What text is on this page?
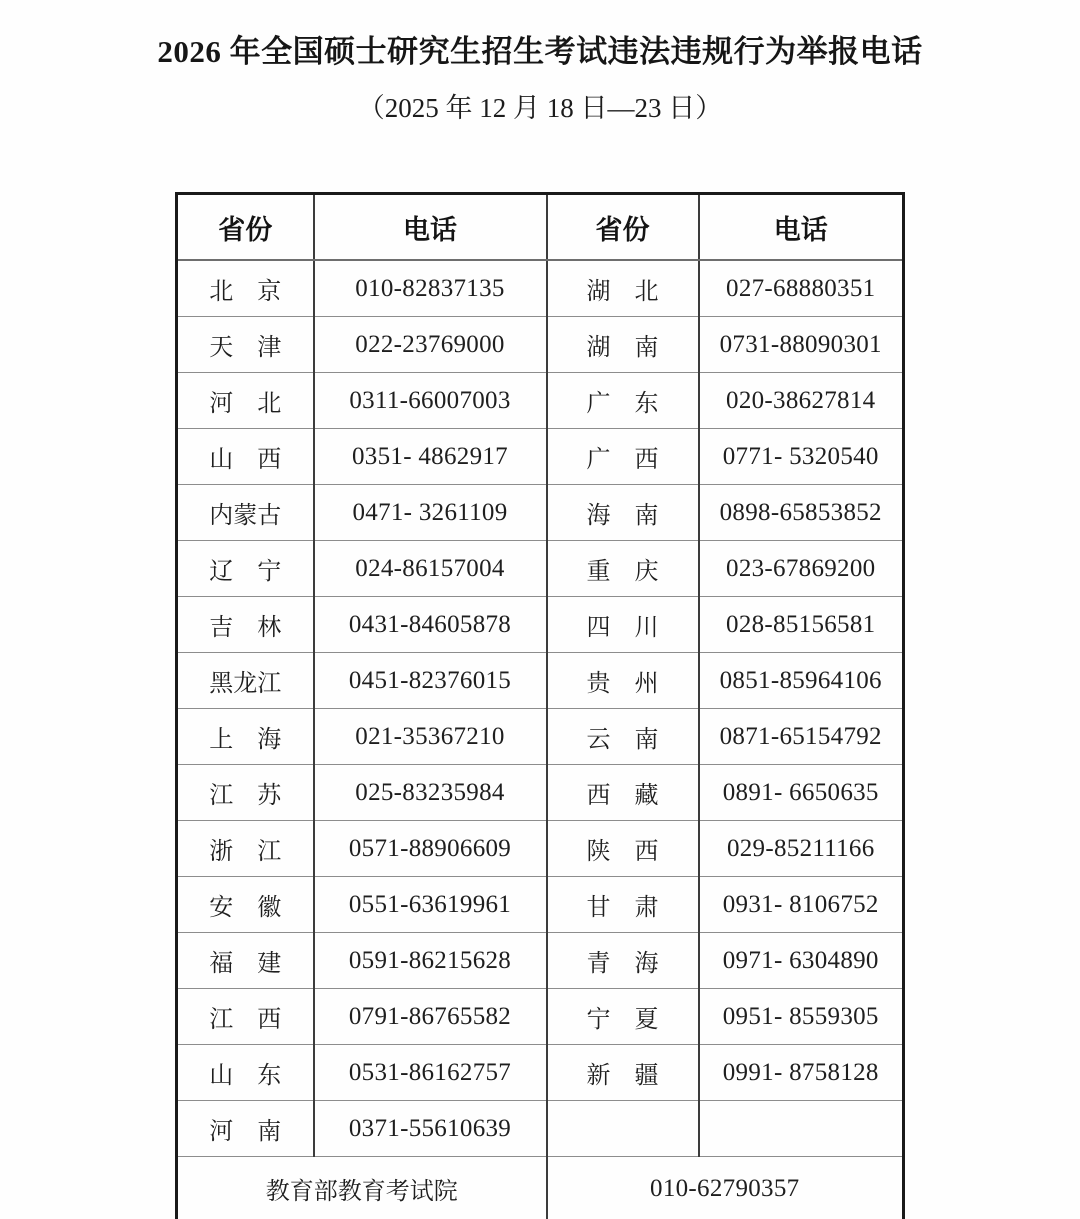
2026 年全国硕士研究生招生考试违法违规行为举报电话
（2025 年 12 月 18 日—23 日）
省份	电话	省份	电话
北　京	010-82837135	湖　北	027-68880351
天　津	022-23769000	湖　南	0731-88090301
河　北	0311-66007003	广　东	020-38627814
山　西	0351- 4862917	广　西	0771- 5320540
内蒙古	0471- 3261109	海　南	0898-65853852
辽　宁	024-86157004	重　庆	023-67869200
吉　林	0431-84605878	四　川	028-85156581
黑龙江	0451-82376015	贵　州	0851-85964106
上　海	021-35367210	云　南	0871-65154792
江　苏	025-83235984	西　藏	0891- 6650635
浙　江	0571-88906609	陕　西	029-85211166
安　徽	0551-63619961	甘　肃	0931- 8106752
福　建	0591-86215628	青　海	0971- 6304890
江　西	0791-86765582	宁　夏	0951- 8559305
山　东	0531-86162757	新　疆	0991- 8758128
河　南	0371-55610639		
教育部教育考试院		010-62790357	
